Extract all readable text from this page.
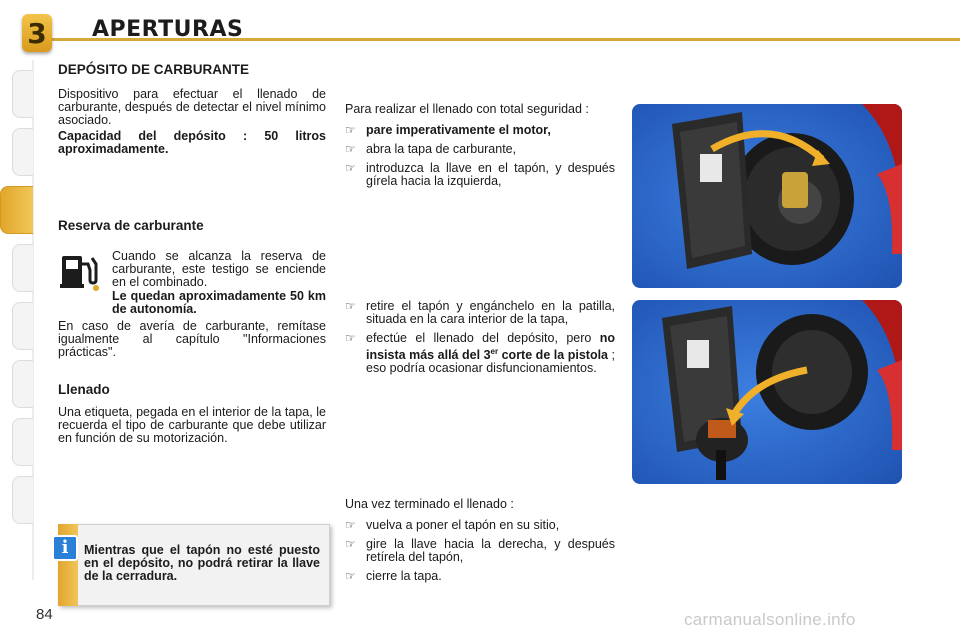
3 APERTURAS
DEPÓSITO DE CARBURANTE

Dispositivo para efectuar el llenado de carburante, después de detectar el nivel mínimo asociado.

Capacidad del depósito : 50 litros aproximadamente.

Reserva de carburante

Cuando se alcanza la reserva de carburante, este testigo se enciende en el combinado.

Le quedan aproximadamente 50 km de autonomía.

En caso de avería de carburante, remítase igualmente al capítulo "Informaciones prácticas".

Llenado

Una etiqueta, pegada en el interior de la tapa, le recuerda el tipo de carburante que debe utilizar en función de su motorización.

i	Mientras que el tapón no esté puesto en el depósito, no podrá retirar la llave de la cerradura.

Para realizar el llenado con total seguridad :

☞ pare imperativamente el motor,
☞ abra la tapa de carburante,
☞ introduzca la llave en el tapón, y después gírela hacia la izquierda,
☞ retire el tapón y engánchelo en la patilla, situada en la cara interior de la tapa,
☞ efectúe el llenado del depósito, pero no insista más allá del 3er corte de la pistola ; eso podría ocasionar disfuncionamientos.

Una vez terminado el llenado :

☞ vuelva a poner el tapón en su sitio,
☞ gire la llave hacia la derecha, y después retírela del tapón,
☞ cierre la tapa.
84	carmanualsonline.info
